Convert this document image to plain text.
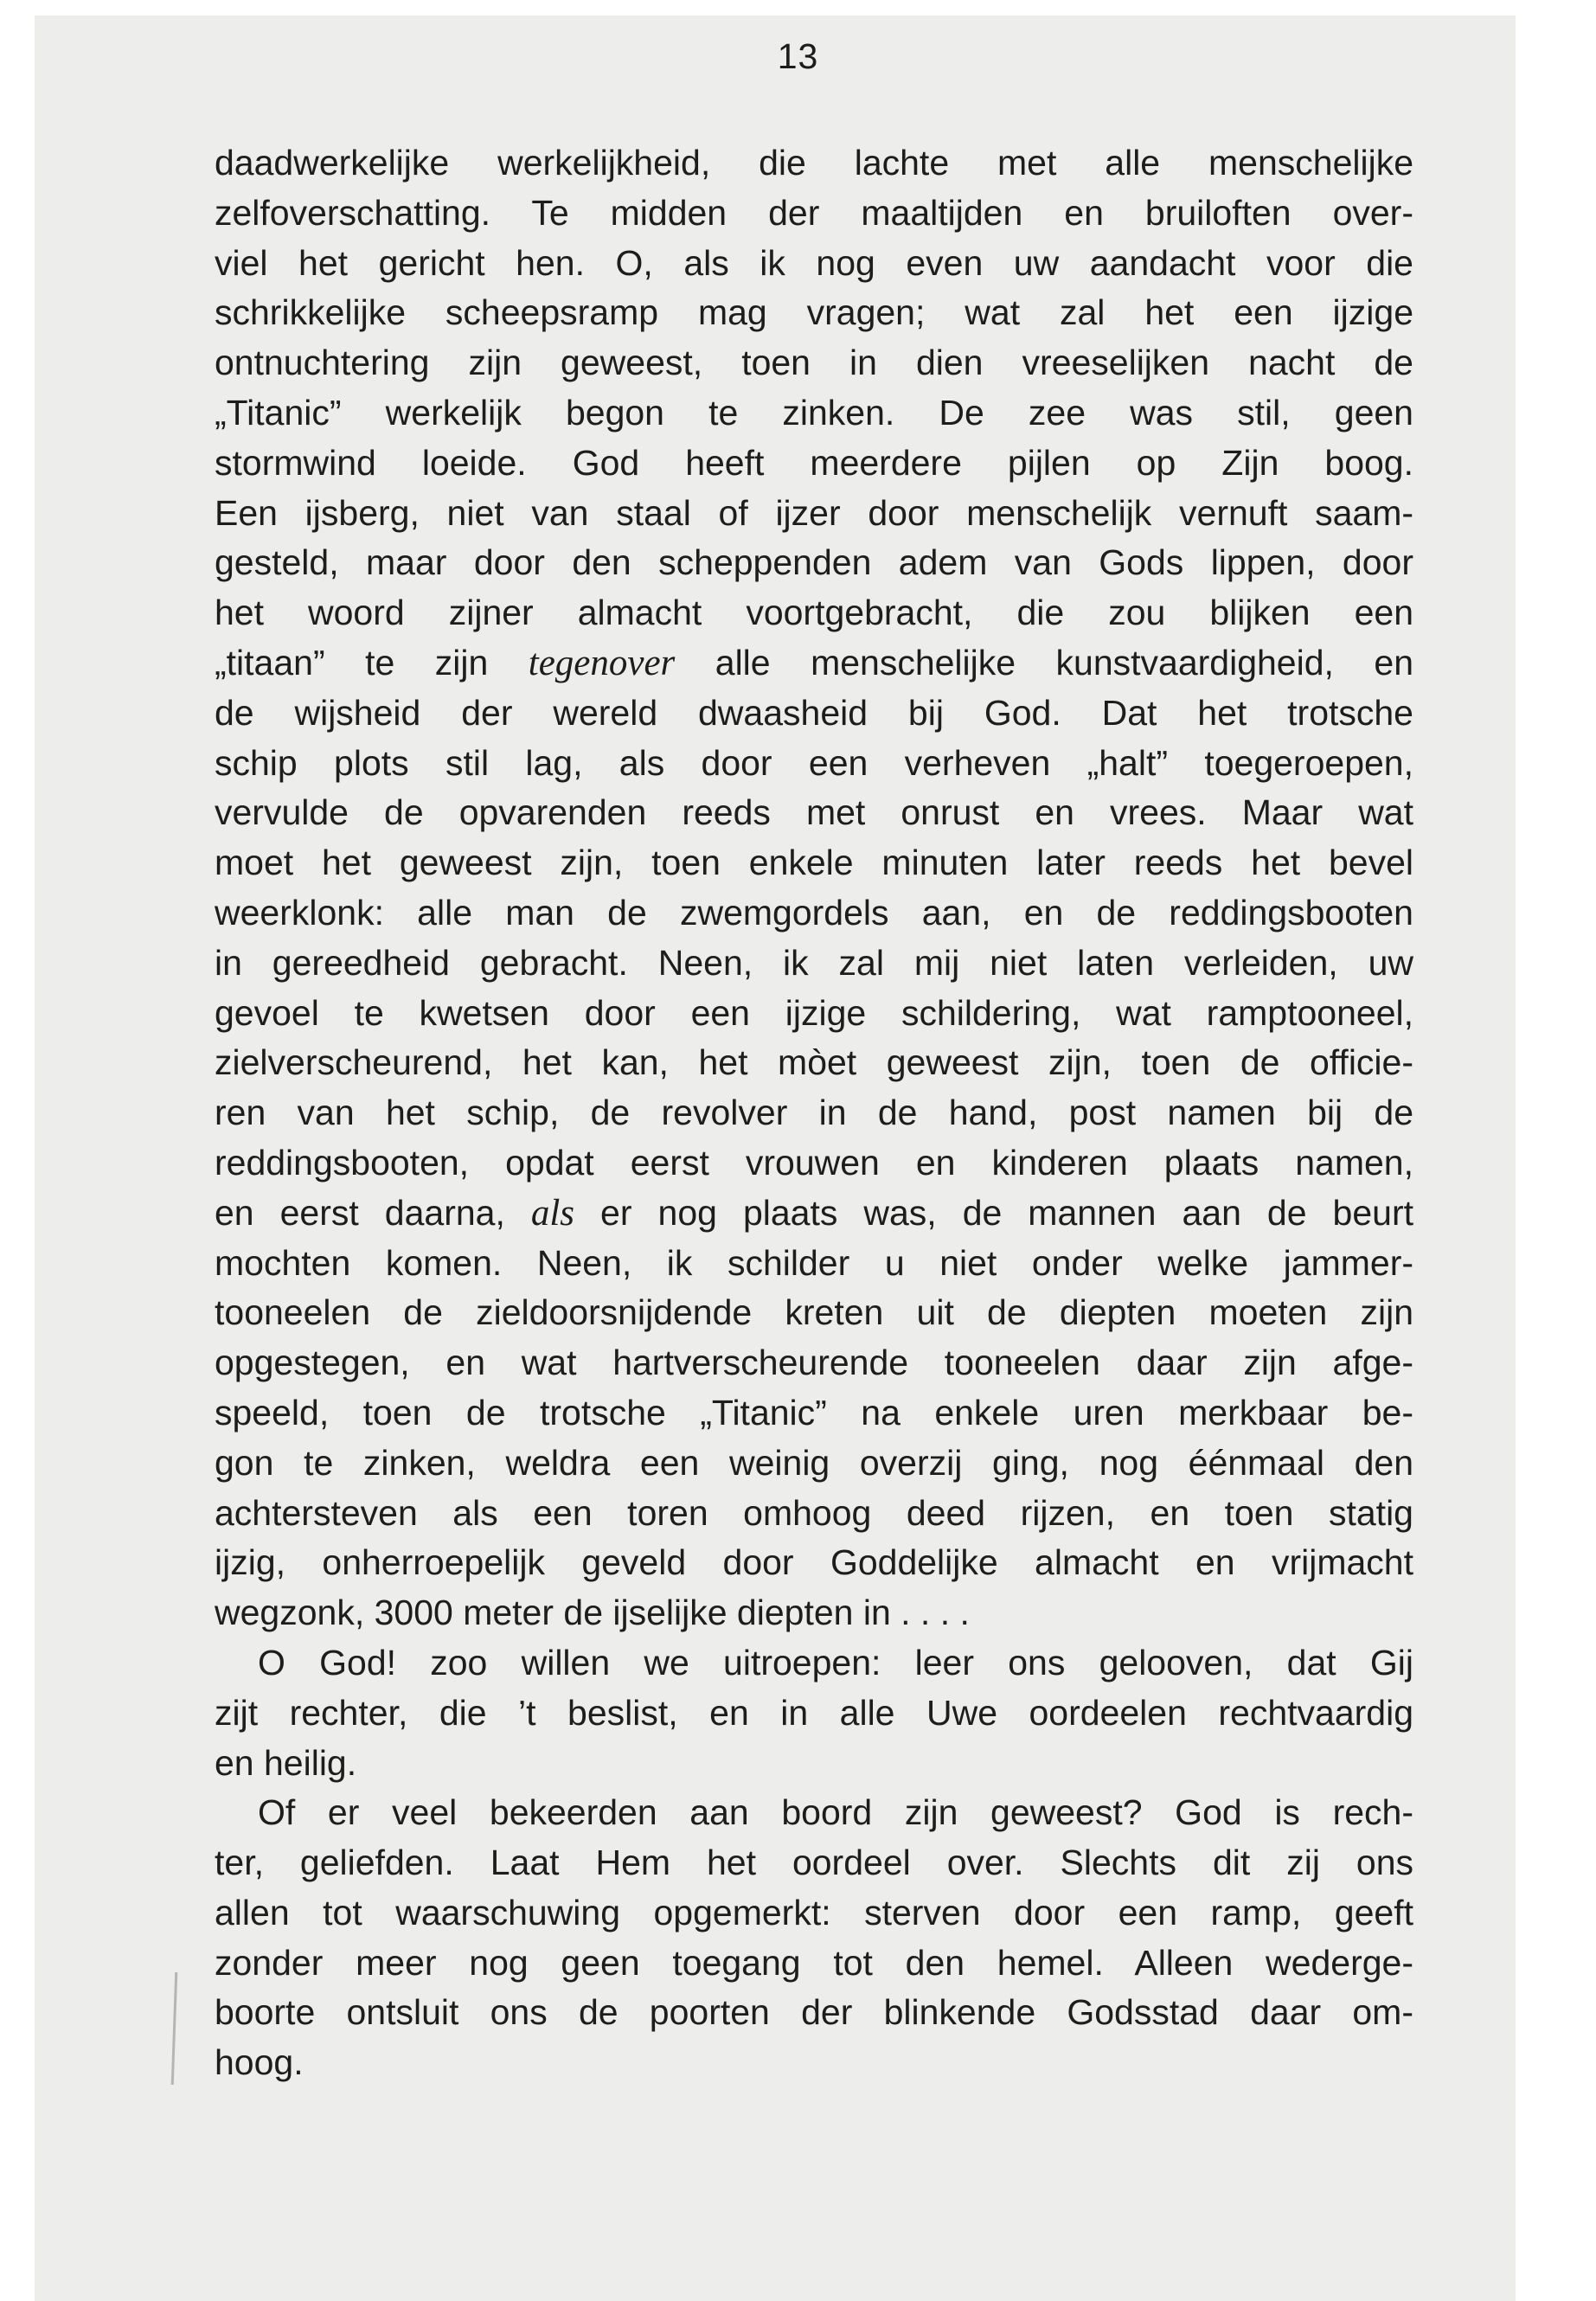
13
daadwerkelijke werkelijkheid, die lachte met alle menschelijke
zelfoverschatting. Te midden der maaltijden en bruiloften over-
viel het gericht hen. O, als ik nog even uw aandacht voor die
schrikkelijke scheepsramp mag vragen; wat zal het een ijzige
ontnuchtering zijn geweest, toen in dien vreeselijken nacht de
„Titanic” werkelijk begon te zinken. De zee was stil, geen
stormwind loeide. God heeft meerdere pijlen op Zijn boog.
Een ijsberg, niet van staal of ijzer door menschelijk vernuft saam-
gesteld, maar door den scheppenden adem van Gods lippen, door
het woord zijner almacht voortgebracht, die zou blijken een
„titaan” te zijn tegenover alle menschelijke kunstvaardigheid, en
de wijsheid der wereld dwaasheid bij God. Dat het trotsche
schip plots stil lag, als door een verheven „halt” toegeroepen,
vervulde de opvarenden reeds met onrust en vrees. Maar wat
moet het geweest zijn, toen enkele minuten later reeds het bevel
weerklonk: alle man de zwemgordels aan, en de reddingsbooten
in gereedheid gebracht. Neen, ik zal mij niet laten verleiden, uw
gevoel te kwetsen door een ijzige schildering, wat ramptooneel,
zielverscheurend, het kan, het mòet geweest zijn, toen de officie-
ren van het schip, de revolver in de hand, post namen bij de
reddingsbooten, opdat eerst vrouwen en kinderen plaats namen,
en eerst daarna, als er nog plaats was, de mannen aan de beurt
mochten komen. Neen, ik schilder u niet onder welke jammer-
tooneelen de zieldoorsnijdende kreten uit de diepten moeten zijn
opgestegen, en wat hartverscheurende tooneelen daar zijn afge-
speeld, toen de trotsche „Titanic” na enkele uren merkbaar be-
gon te zinken, weldra een weinig overzij ging, nog éénmaal den
achtersteven als een toren omhoog deed rijzen, en toen statig
ijzig, onherroepelijk geveld door Goddelijke almacht en vrijmacht
wegzonk, 3000 meter de ijselijke diepten in . . . .
O God! zoo willen we uitroepen: leer ons gelooven, dat Gij
zijt rechter, die ’t beslist, en in alle Uwe oordeelen rechtvaardig
en heilig.
Of er veel bekeerden aan boord zijn geweest? God is rech-
ter, geliefden. Laat Hem het oordeel over. Slechts dit zij ons
allen tot waarschuwing opgemerkt: sterven door een ramp, geeft
zonder meer nog geen toegang tot den hemel. Alleen wederge-
boorte ontsluit ons de poorten der blinkende Godsstad daar om-
hoog.
